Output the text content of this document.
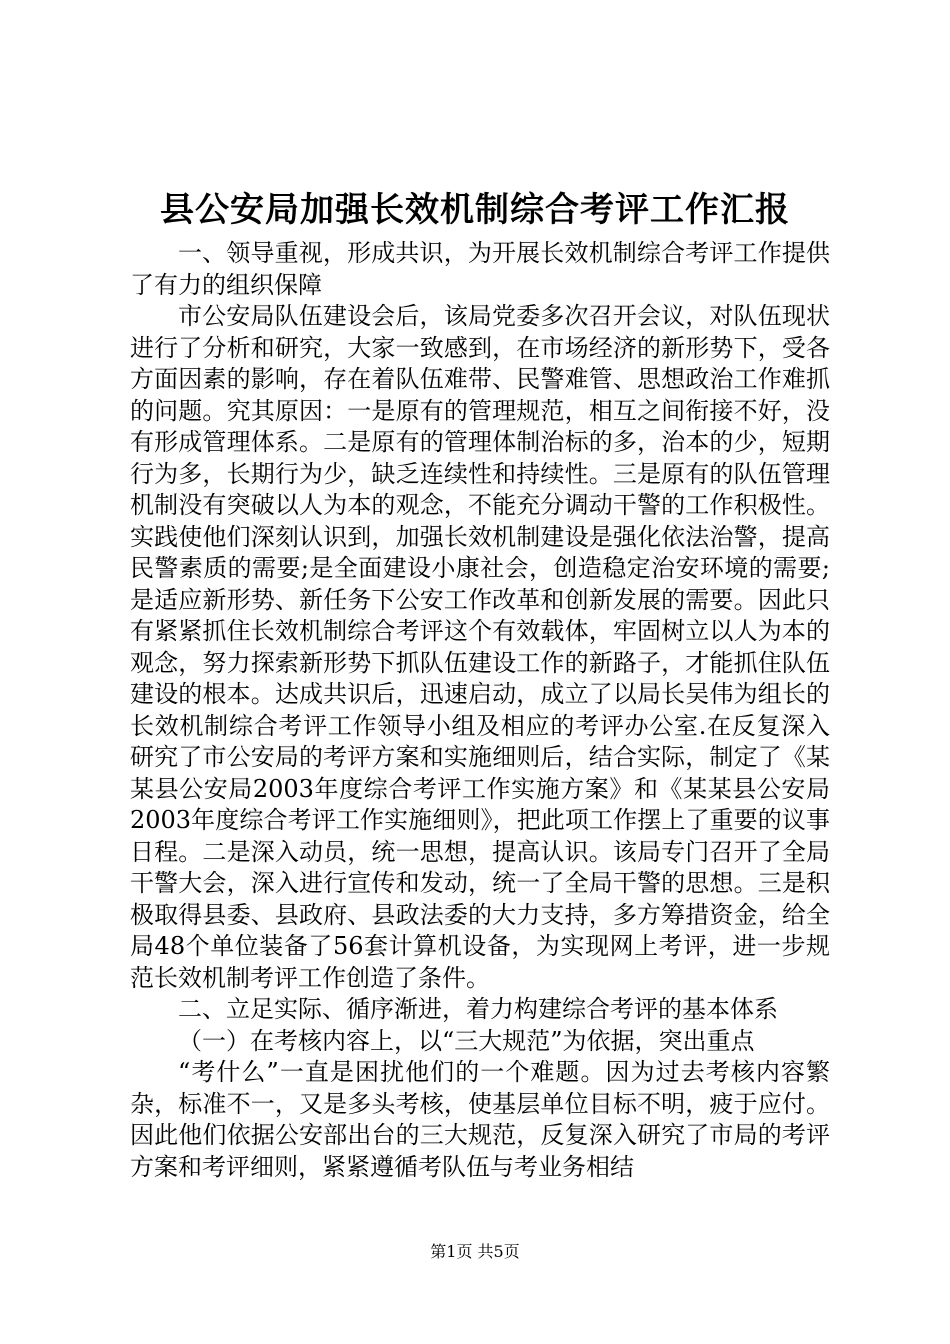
县公安局加强长效机制综合考评工作汇报

一、领导重视，形成共识，为开展长效机制综合考评工作提供了有力的组织保障

市公安局队伍建设会后，该局党委多次召开会议，对队伍现状进行了分析和研究，大家一致感到，在市场经济的新形势下，受各方面因素的影响，存在着队伍难带、民警难管、思想政治工作难抓的问题。究其原因：一是原有的管理规范，相互之间衔接不好，没有形成管理体系。二是原有的管理体制治标的多，治本的少，短期行为多，长期行为少，缺乏连续性和持续性。三是原有的队伍管理机制没有突破以人为本的观念，不能充分调动干警的工作积极性。实践使他们深刻认识到，加强长效机制建设是强化依法治警，提高民警素质的需要;是全面建设小康社会，创造稳定治安环境的需要;是适应新形势、新任务下公安工作改革和创新发展的需要。因此只有紧紧抓住长效机制综合考评这个有效载体，牢固树立以人为本的观念，努力探索新形势下抓队伍建设工作的新路子，才能抓住队伍建设的根本。达成共识后，迅速启动，成立了以局长吴伟为组长的长效机制综合考评工作领导小组及相应的考评办公室.在反复深入研究了市公安局的考评方案和实施细则后，结合实际，制定了《某某县公安局2003年度综合考评工作实施方案》和《某某县公安局2003年度综合考评工作实施细则》，把此项工作摆上了重要的议事日程。二是深入动员，统一思想，提高认识。该局专门召开了全局干警大会，深入进行宣传和发动，统一了全局干警的思想。三是积极取得县委、县政府、县政法委的大力支持，多方筹措资金，给全局48个单位装备了56套计算机设备，为实现网上考评，进一步规范长效机制考评工作创造了条件。

二、立足实际、循序渐进，着力构建综合考评的基本体系

（一）在考核内容上，以“三大规范”为依据，突出重点

“考什么”一直是困扰他们的一个难题。因为过去考核内容繁杂，标准不一，又是多头考核，使基层单位目标不明，疲于应付。因此他们依据公安部出台的三大规范，反复深入研究了市局的考评方案和考评细则，紧紧遵循考队伍与考业务相结

第1页 共5页
